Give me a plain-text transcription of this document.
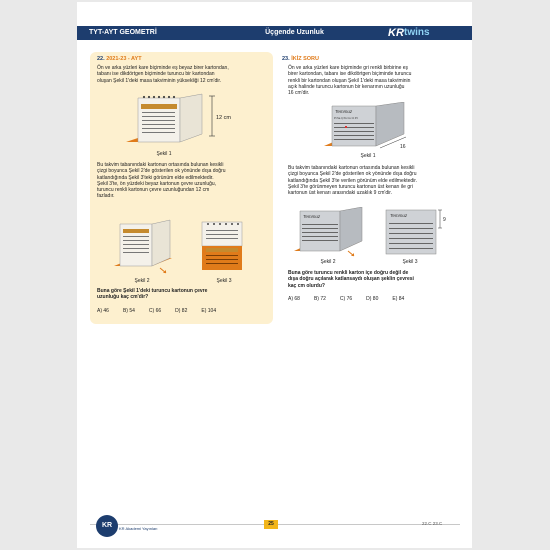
TYT-AYT GEOMETRİ	Üçgende Uzunluk	KR twins
22. 2021-23 - AYT
Ön ve arka yüzleri kare biçiminde eş beyaz birer kartondan,
tabanı ise dikdörtgen biçiminde turuncu bir kartondan
oluşan Şekil 1'deki masa takviminin yüksekliği 12 cm'dir.
12 cm
Şekil 1
Bu takvim tabanındaki kartonun ortasında bulunan kesikli
çizgi boyunca Şekil 2'de gösterilen ok yönünde dışa doğru
katlandığında Şekil 3'teki görünüm elde edilmektedir.
Şekil 3'te, ön yüzdeki beyaz kartonun çevre uzunluğu,
turuncu renkli kartonun çevre uzunluğundan 12 cm
fazladır.
Şekil 2	Şekil 3
Buna göre Şekil 1'deki turuncu kartonun çevre
uzunluğu kaç cm'dir?
A) 46	B) 54	C) 66	D) 82	E) 104
23. İKİZ SORU
Ön ve arka yüzleri kare biçiminde gri renkli birbirine eş
birer kartondan, tabanı ise dikdörtgen biçiminde turuncu
renkli bir kartondan oluşan Şekil 1'deki masa takviminin
açık halinde turuncu kartonun bir kenarının uzunluğu
16 cm'dir.
Temmuz
Pt Sa Ç Pe Cu Ct Pz
16
Şekil 1
Bu takvim tabanındaki kartonun ortasında bulunan kesikli
çizgi boyunca Şekil 2'de gösterilen ok yönünde dışa doğru
katlandığında Şekil 3'te verilen görünüm elde edilmektedir.
Şekil 3'te görünmeyen turuncu kartonun üst kenarı ile gri
kartonun üst kenarı arasındaki uzaklık 9 cm'dir.
Temmuz
Şekil 2
Temmuz
9
Şekil 3
Buna göre turuncu renkli karton içe doğru değil de
dışa doğru açılarak katlansaydı oluşan şeklin çevresi
kaç cm olurdu?
A) 68	B) 72	C) 76	D) 80	E) 84
KR	KR Akademi Yayınları
25	22.C 23.C
